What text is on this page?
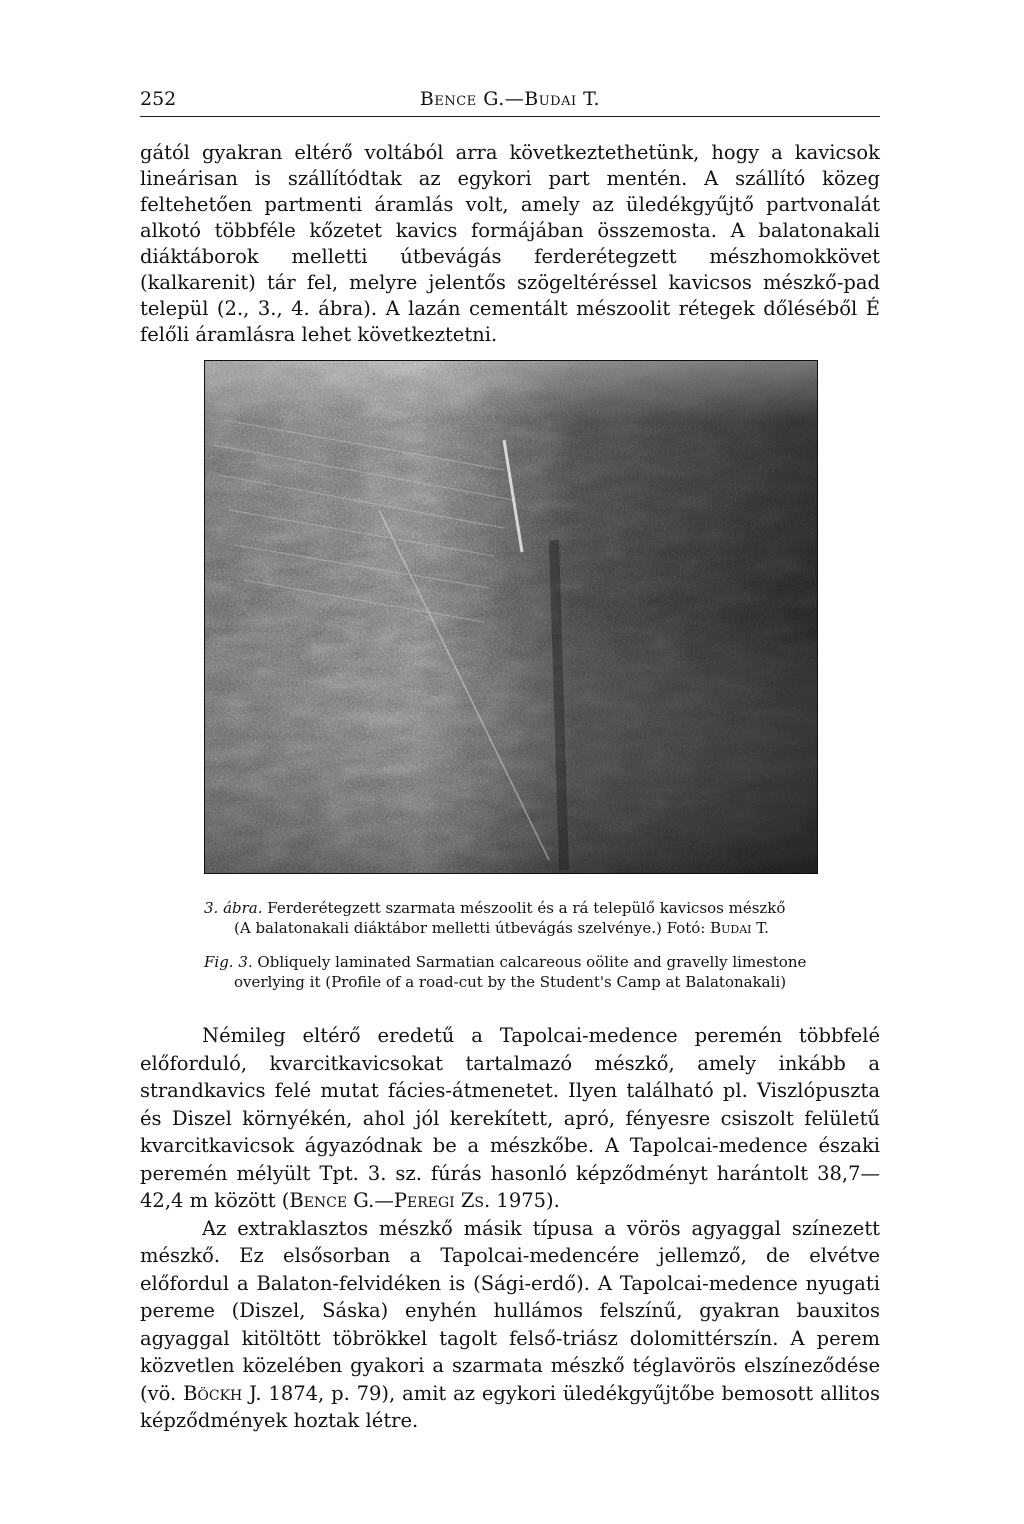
252	Bence G.—Budai T.
gától gyakran eltérő voltából arra következtethetünk, hogy a kavicsok lineárisan is szállítódtak az egykori part mentén. A szállító közeg feltehetően partmenti áramlás volt, amely az üledékgyűjtő partvonalát alkotó többféle kőzetet kavics formájában összemosta. A balatonakali diáktáborok melletti útbevágás ferderétegzett mészhomokkövet (kalkarenit) tár fel, melyre jelentős szögeltéréssel kavicsos mészkő-pad települ (2., 3., 4. ábra). A lazán cementált mészoolit rétegek dőléséből É felőli áramlásra lehet következtetni.
3. ábra. Ferderétegzett szarmata mészoolit és a rá települő kavicsos mészkő
(A balatonakali diáktábor melletti útbevágás szelvénye.) Fotó: Budai T.
Fig. 3. Obliquely laminated Sarmatian calcareous oölite and gravelly limestone
overlying it (Profile of a road-cut by the Student's Camp at Balatonakali)

Némileg eltérő eredetű a Tapolcai-medence peremén többfelé előforduló, kvarcitkavicsokat tartalmazó mészkő, amely inkább a strandkavics felé mutat fácies-átmenetet. Ilyen található pl. Viszlópuszta és Diszel környékén, ahol jól kerekített, apró, fényesre csiszolt felületű kvarcitkavicsok ágyazódnak be a mészkőbe. A Tapolcai-medence északi peremén mélyült Tpt. 3. sz. fúrás hasonló képződményt harántolt 38,7—42,4 m között (Bence G.—Peregi Zs. 1975).

Az extraklasztos mészkő másik típusa a vörös agyaggal színezett mészkő. Ez elsősorban a Tapolcai-medencére jellemző, de elvétve előfordul a Balaton-felvidéken is (Sági-erdő). A Tapolcai-medence nyugati pereme (Diszel, Sáska) enyhén hullámos felszínű, gyakran bauxitos agyaggal kitöltött töbrökkel tagolt felső-triász dolomittérszín. A perem közvetlen közelében gyakori a szarmata mészkő téglavörös elszíneződése (vö. Böckh J. 1874, p. 79), amit az egykori üledékgyűjtőbe bemosott allitos képződmények hoztak létre.
